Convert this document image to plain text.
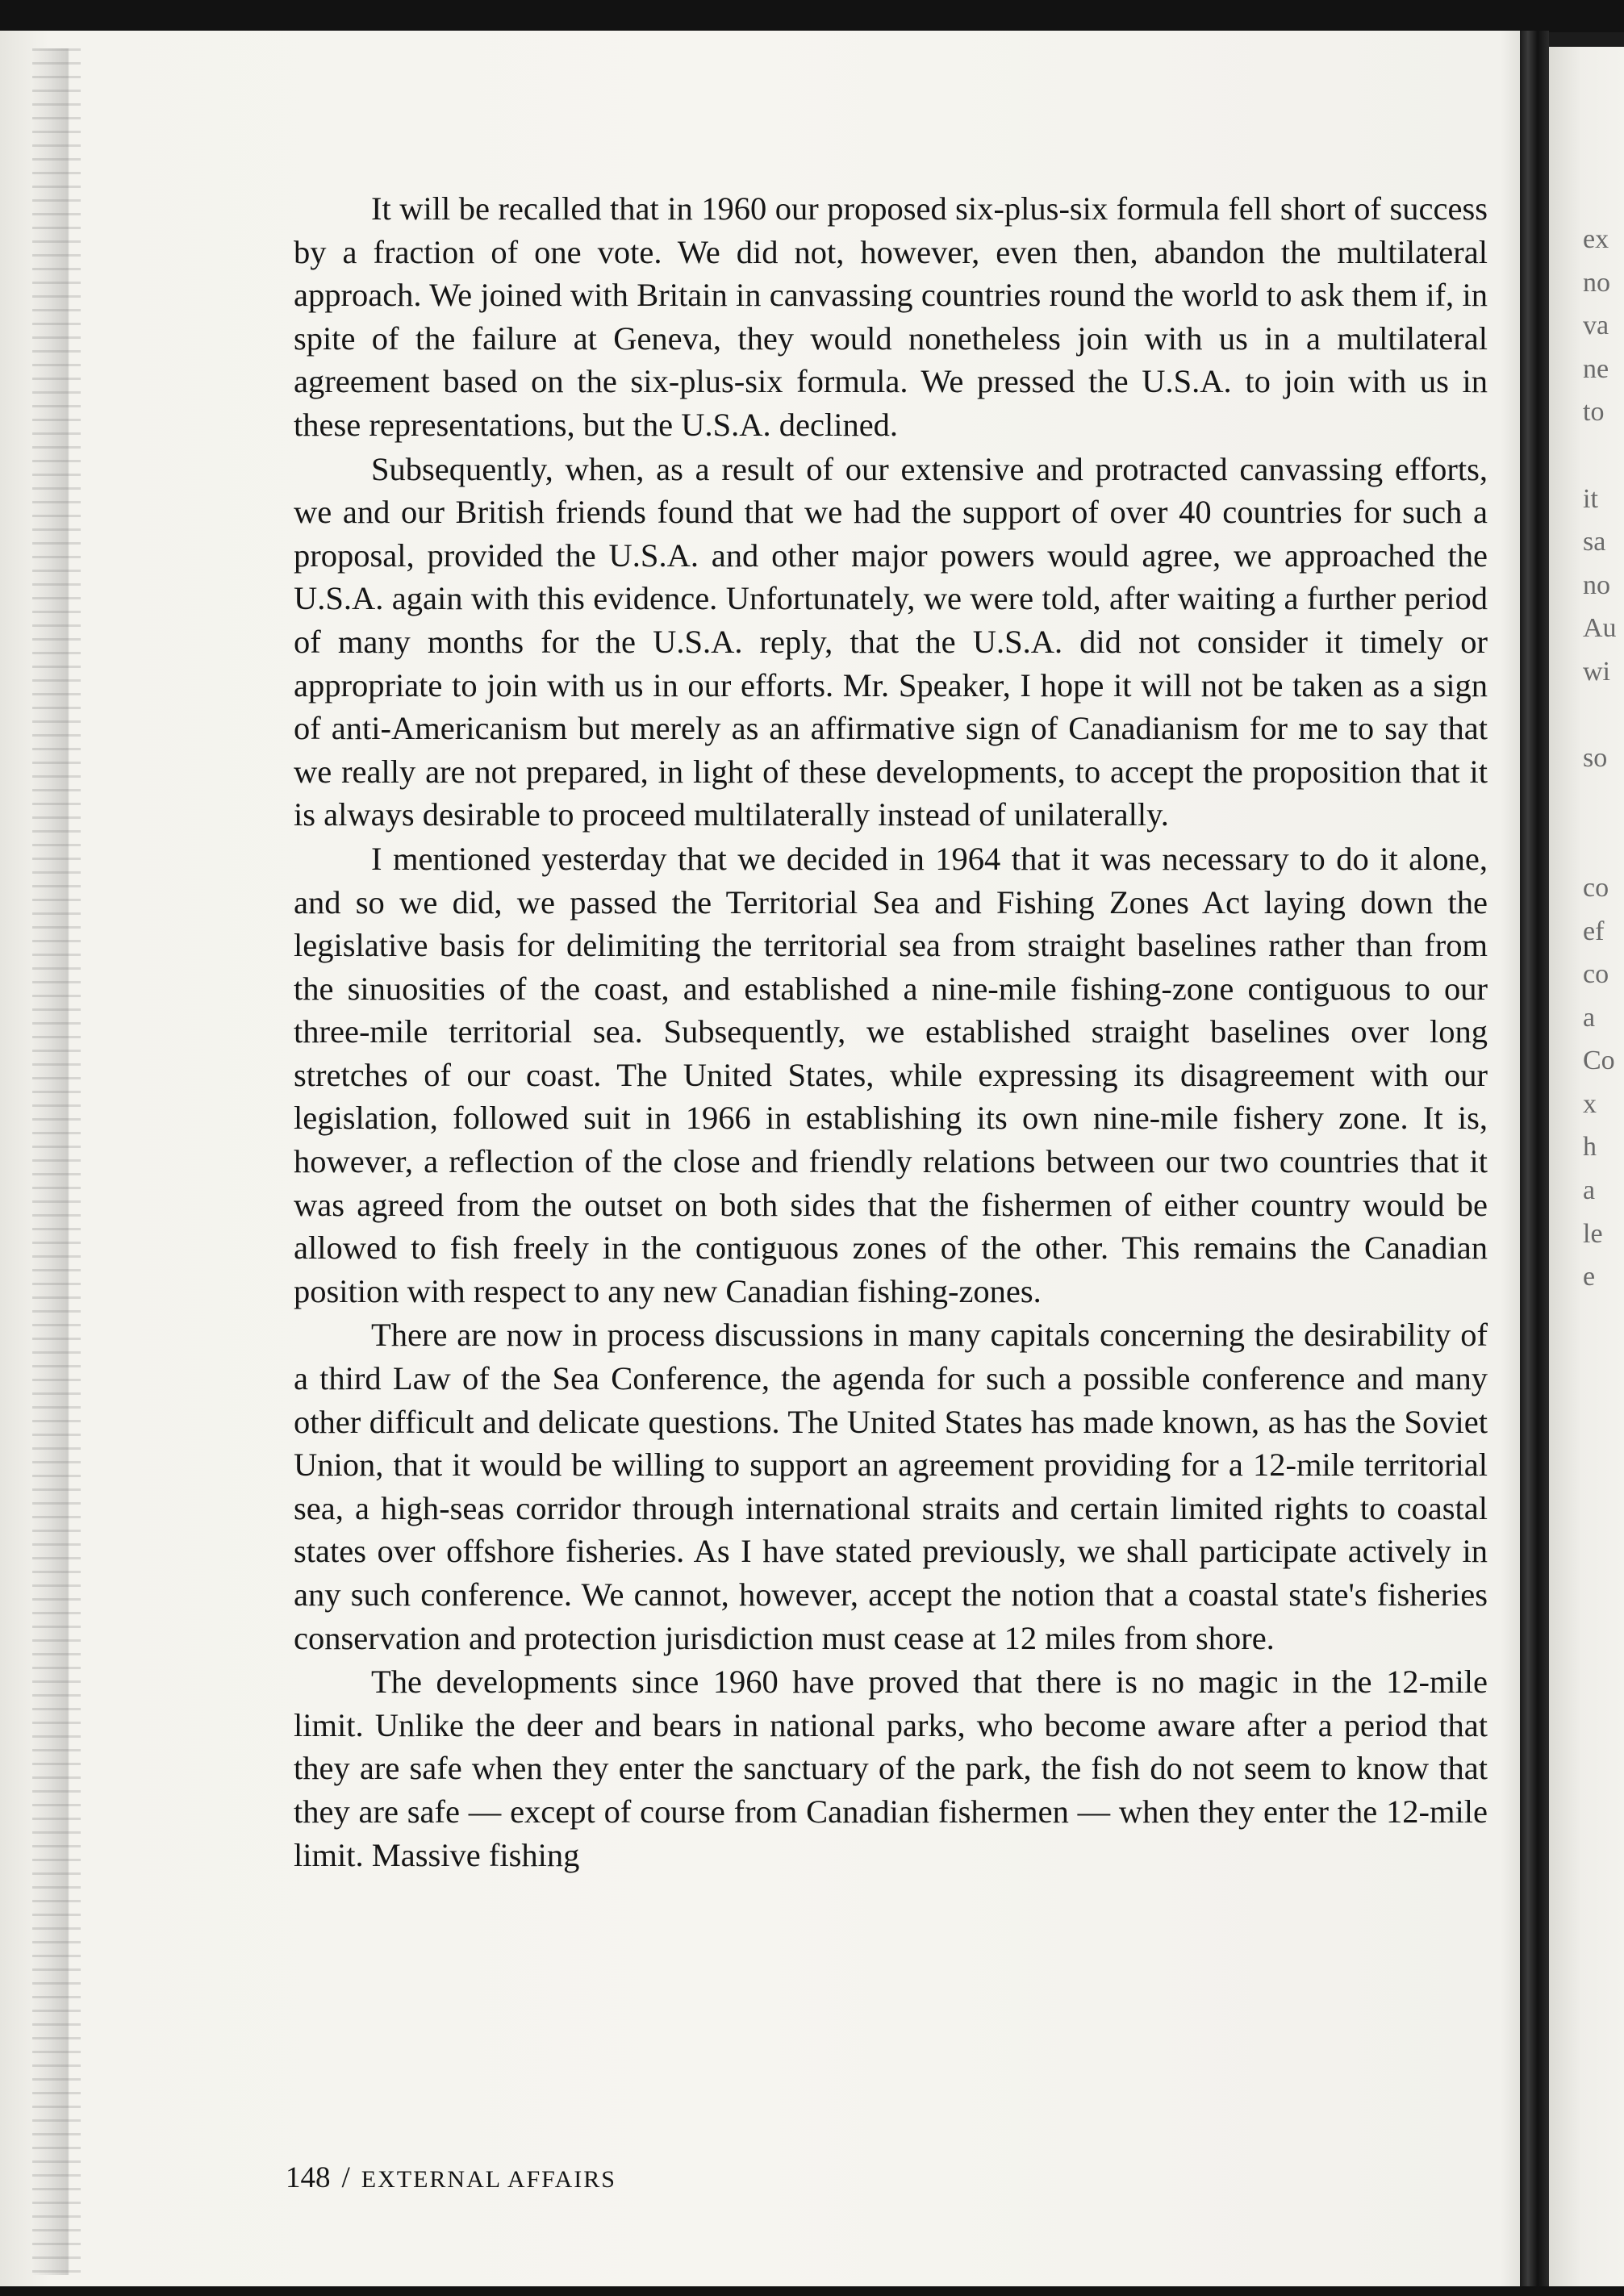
It will be recalled that in 1960 our proposed six-plus-six formula fell short of success by a fraction of one vote. We did not, however, even then, abandon the multilateral approach. We joined with Britain in canvassing countries round the world to ask them if, in spite of the failure at Geneva, they would nonetheless join with us in a multilateral agreement based on the six-plus-six formula. We pressed the U.S.A. to join with us in these representations, but the U.S.A. declined.

Subsequently, when, as a result of our extensive and protracted canvassing efforts, we and our British friends found that we had the support of over 40 countries for such a proposal, provided the U.S.A. and other major powers would agree, we approached the U.S.A. again with this evidence. Unfortunately, we were told, after waiting a further period of many months for the U.S.A. reply, that the U.S.A. did not consider it timely or appropriate to join with us in our efforts. Mr. Speaker, I hope it will not be taken as a sign of anti-Americanism but merely as an affirmative sign of Canadianism for me to say that we really are not prepared, in light of these developments, to accept the proposition that it is always desirable to proceed multilaterally instead of unilaterally.

I mentioned yesterday that we decided in 1964 that it was necessary to do it alone, and so we did, we passed the Territorial Sea and Fishing Zones Act laying down the legislative basis for delimiting the territorial sea from straight baselines rather than from the sinuosities of the coast, and established a nine-mile fishing-zone contiguous to our three-mile territorial sea. Subsequently, we established straight baselines over long stretches of our coast. The United States, while expressing its disagreement with our legislation, followed suit in 1966 in establishing its own nine-mile fishery zone. It is, however, a reflection of the close and friendly relations between our two countries that it was agreed from the outset on both sides that the fishermen of either country would be allowed to fish freely in the contiguous zones of the other. This remains the Canadian position with respect to any new Canadian fishing-zones.

There are now in process discussions in many capitals concerning the desirability of a third Law of the Sea Conference, the agenda for such a possible conference and many other difficult and delicate questions. The United States has made known, as has the Soviet Union, that it would be willing to support an agreement providing for a 12-mile territorial sea, a high-seas corridor through international straits and certain limited rights to coastal states over offshore fisheries. As I have stated previously, we shall participate actively in any such conference. We cannot, however, accept the notion that a coastal state's fisheries conservation and protection jurisdiction must cease at 12 miles from shore.

The developments since 1960 have proved that there is no magic in the 12-mile limit. Unlike the deer and bears in national parks, who become aware after a period that they are safe when they enter the sanctuary of the park, the fish do not seem to know that they are safe — except of course from Canadian fishermen — when they enter the 12-mile limit. Massive fishing

148 / EXTERNAL AFFAIRS
ex
no
va
ne
to
it
sa
no
Au
wi
so
co
ef
co
a
Co
x
h
a
le
e
